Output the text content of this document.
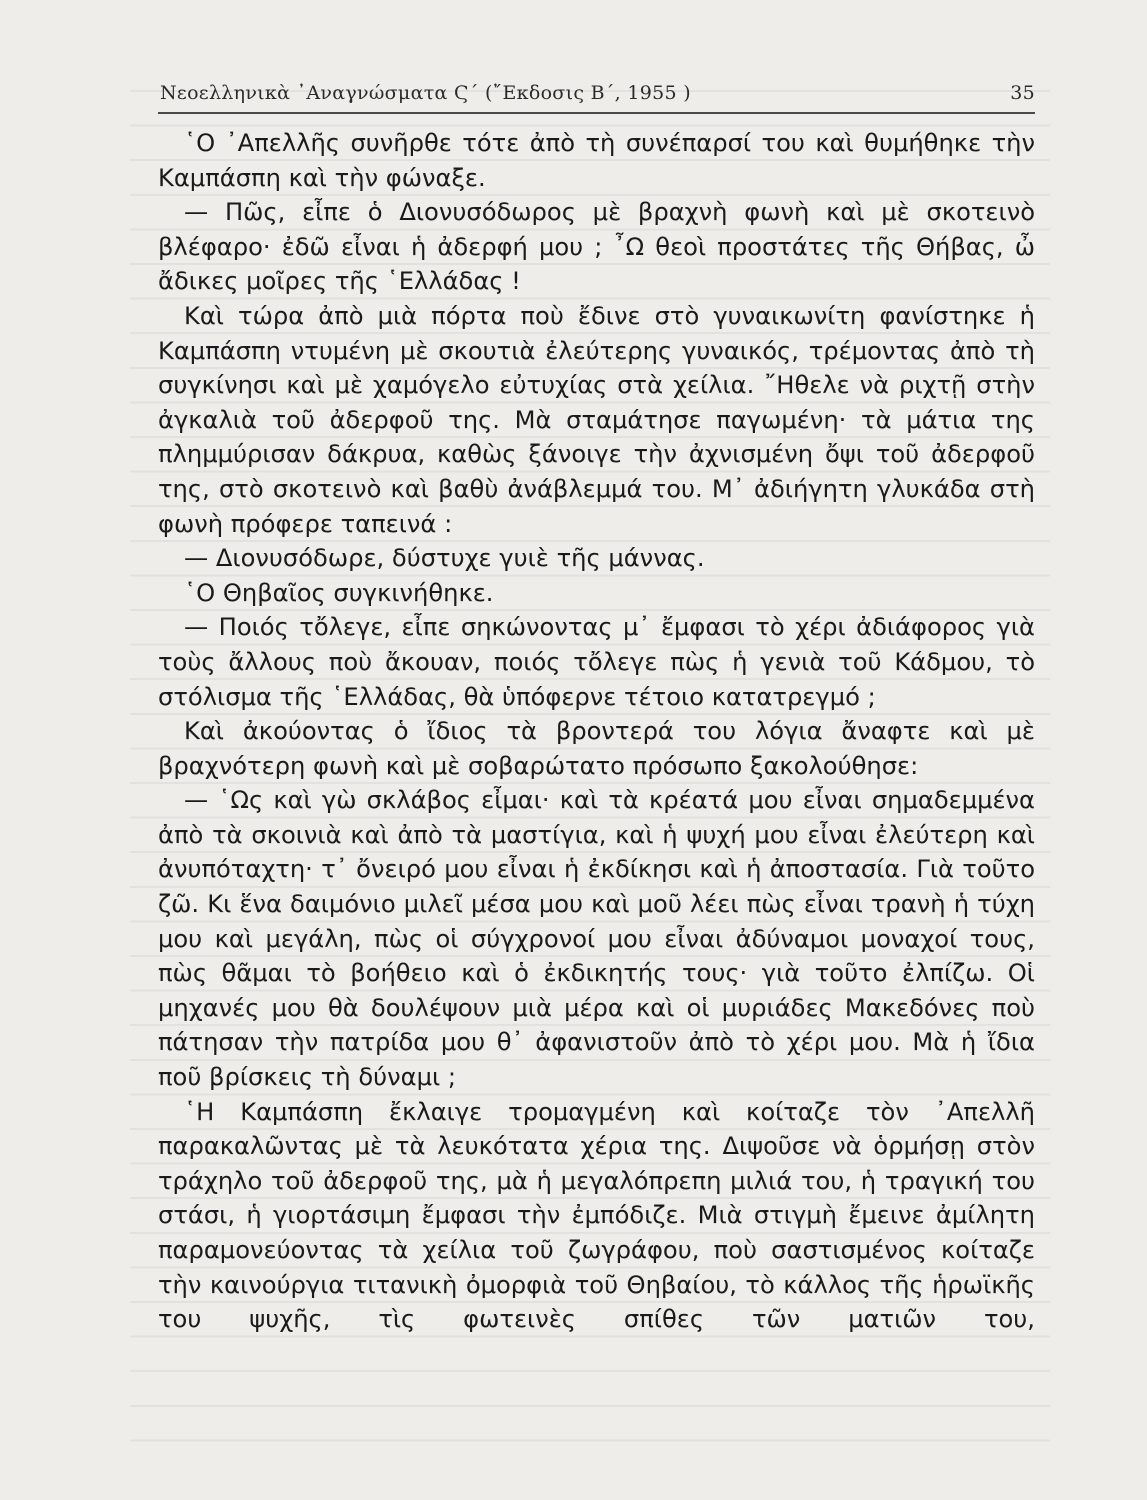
Νεοελληνικὰ ᾿Αναγνώσματα Ϛ΄ (῎Εκδοσις Β΄, 1955 )	35

῾Ο ᾿Απελλῆς συνῆρθε τότε ἀπὸ τὴ συνέπαρσί του καὶ θυμήθηκε τὴν Καμπάσπη καὶ τὴν φώναξε.

— Πῶς, εἶπε ὁ Διονυσόδωρος μὲ βραχνὴ φωνὴ καὶ μὲ σκοτεινὸ βλέφαρο· ἐδῶ εἶναι ἡ ἀδερφή μου ; ῏Ω θεοὶ προστάτες τῆς Θήβας, ὦ ἄδικες μοῖρες τῆς ῾Ελλάδας !

Καὶ τώρα ἀπὸ μιὰ πόρτα ποὺ ἔδινε στὸ γυναικωνίτη φανίστηκε ἡ Καμπάσπη ντυμένη μὲ σκουτιὰ ἐλεύτερης γυναικός, τρέμοντας ἀπὸ τὴ συγκίνησι καὶ μὲ χαμόγελο εὐτυχίας στὰ χείλια. ῎Ηθελε νὰ ριχτῇ στὴν ἀγκαλιὰ τοῦ ἀδερφοῦ της. Μὰ σταμάτησε παγωμένη· τὰ μάτια της πλημμύρισαν δάκρυα, καθὼς ξάνοιγε τὴν ἀχνισμένη ὄψι τοῦ ἀδερφοῦ της, στὸ σκοτεινὸ καὶ βαθὺ ἀνάβλεμμά του. Μ᾿ ἀδιήγητη γλυκάδα στὴ φωνὴ πρόφερε ταπεινά :

— Διονυσόδωρε, δύστυχε γυιὲ τῆς μάννας.

῾Ο Θηβαῖος συγκινήθηκε.

— Ποιός τὄλεγε, εἶπε σηκώνοντας μ᾿ ἔμφασι τὸ χέρι ἀδιάφορος γιὰ τοὺς ἄλλους ποὺ ἄκουαν, ποιός τὄλεγε πὼς ἡ γενιὰ τοῦ Κάδμου, τὸ στόλισμα τῆς ῾Ελλάδας, θὰ ὑπόφερνε τέτοιο κατατρεγμό ;

Καὶ ἀκούοντας ὁ ἴδιος τὰ βροντερά του λόγια ἄναφτε καὶ μὲ βραχνότερη φωνὴ καὶ μὲ σοβαρώτατο πρόσωπο ξακολούθησε:

— ῾Ως καὶ γὼ σκλάβος εἶμαι· καὶ τὰ κρέατά μου εἶναι σημαδεμμένα ἀπὸ τὰ σκοινιὰ καὶ ἀπὸ τὰ μαστίγια, καὶ ἡ ψυχή μου εἶναι ἐλεύτερη καὶ ἀνυπόταχτη· τ᾿ ὄνειρό μου εἶναι ἡ ἐκδίκησι καὶ ἡ ἀποστασία. Γιὰ τοῦτο ζῶ. Κι ἕνα δαιμόνιο μιλεῖ μέσα μου καὶ μοῦ λέει πὼς εἶναι τρανὴ ἡ τύχη μου καὶ μεγάλη, πὼς οἱ σύγχρονοί μου εἶναι ἀδύναμοι μοναχοί τους, πὼς θᾶμαι τὸ βοήθειο καὶ ὁ ἐκδικητής τους· γιὰ τοῦτο ἐλπίζω. Οἱ μηχανές μου θὰ δουλέψουν μιὰ μέρα καὶ οἱ μυριάδες Μακεδόνες ποὺ πάτησαν τὴν πατρίδα μου θ᾿ ἀφανιστοῦν ἀπὸ τὸ χέρι μου. Μὰ ἡ ἴδια ποῦ βρίσκεις τὴ δύναμι ;

῾Η Καμπάσπη ἔκλαιγε τρομαγμένη καὶ κοίταζε τὸν ᾿Απελλῆ παρακαλῶντας μὲ τὰ λευκότατα χέρια της. Διψοῦσε νὰ ὁρμήσῃ στὸν τράχηλο τοῦ ἀδερφοῦ της, μὰ ἡ μεγαλόπρεπη μιλιά του, ἡ τραγική του στάσι, ἡ γιορτάσιμη ἔμφασι τὴν ἐμπόδιζε. Μιὰ στιγμὴ ἔμεινε ἀμίλητη παραμονεύοντας τὰ χείλια τοῦ ζωγράφου, ποὺ σαστισμένος κοίταζε τὴν καινούργια τιτανικὴ ὀμορφιὰ τοῦ Θηβαίου, τὸ κάλλος τῆς ἡρωϊκῆς του ψυχῆς, τὶς φωτεινὲς σπίθες τῶν ματιῶν του,
